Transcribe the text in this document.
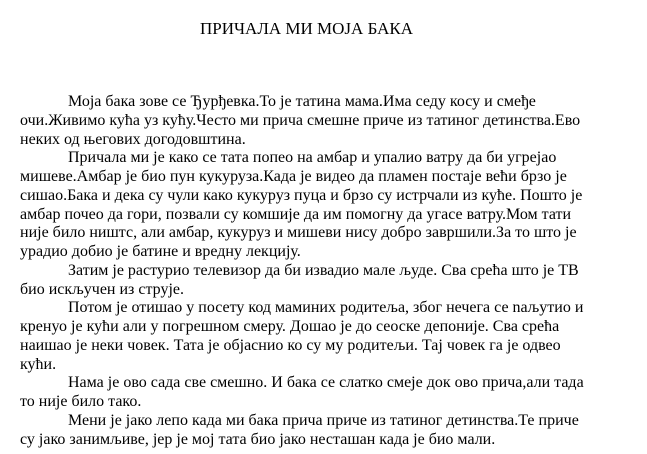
ПРИЧАЛА МИ МОЈА БАКА

Моја бака зове се Ђурђевка.То је татина мама.Има седу косу и смеђе
очи.Живимо кућа уз кућу.Често ми прича смешне приче из татиног детинства.Ево
неких од његових догодовштина.

Причала ми је како се тата попео на амбар и упалио ватру да би угрејао
мишеве.Амбар је био пун кукуруза.Када је видео да пламен постаје већи брзо је
сишао.Бака и дека су чули како кукуруз пуца и брзо су истрчали из куће. Пошто је
амбар почео да гори, позвали су комшије да им помогну да угасе ватру.Мом тати
није било ништс, али амбар, кукуруз и мишеви нису добро завршили.За то што је
урадио добио је батине и вредну лекцију.

Затим је растурио телевизор да би извадио мале људе. Сва срећа што је ТВ
био искључен из струје.

Потом је отишао у посету код маминих родитеља, због нечега се naљутио и
кренуо је кући али у погрешном смеру. Дошао је до сеоске депоније. Сва срећа
наишао је неки човек. Тата је објаснио ко су му родитељи. Тај човек га је одвео
кући.

Нама је ово сада све смешно. И бака се слатко смеје док ово прича,али тада
то није било тако.

Мени је јако лепо када ми бака прича приче из татиног детинства.Те приче
су јако занимљиве, јер је мој тата био јако несташан када је био мали.
